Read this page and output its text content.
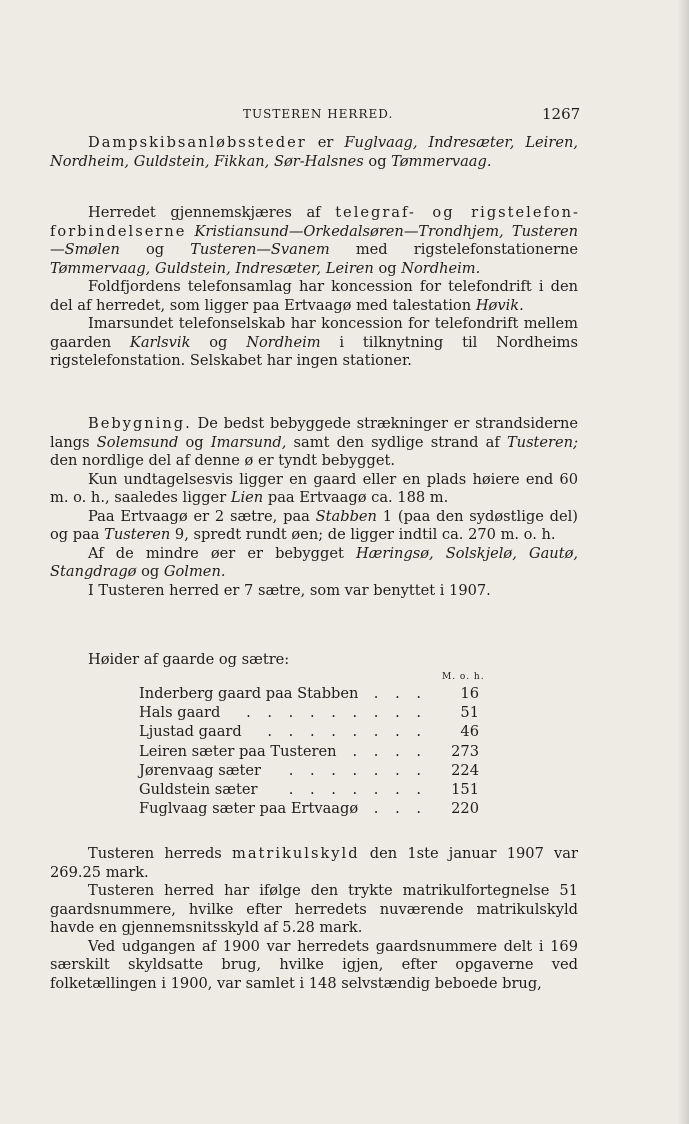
TUSTEREN HERRED.	1267

Dampskibsanløbssteder er Fuglvaag, Indresæter, Leiren, Nordheim, Guldstein, Fikkan, Sør-Halsnes og Tømmervaag.

Herredet gjennemskjæres af telegraf- og rigstelefonforbindelserne Kristiansund—Orkedalsøren—Trondhjem, Tusteren—Smølen og Tusteren—Svanem med rigstelefonstationerne Tømmervaag, Guldstein, Indresæter, Leiren og Nordheim.

Foldfjordens telefonsamlag har koncession for telefondrift i den del af herredet, som ligger paa Ertvaagø med talestation Høvik.

Imarsundet telefonselskab har koncession for telefondrift mellem gaarden Karlsvik og Nordheim i tilknytning til Nordheims rigstelefonstation. Selskabet har ingen stationer.

Bebygning. De bedst bebyggede strækninger er strandsiderne langs Solemsund og Imarsund, samt den sydlige strand af Tusteren; den nordlige del af denne ø er tyndt bebygget.

Kun undtagelsesvis ligger en gaard eller en plads høiere end 60 m. o. h., saaledes ligger Lien paa Ertvaagø ca. 188 m.

Paa Ertvaagø er 2 sætre, paa Stabben 1 (paa den sydøstlige del) og paa Tusteren 9, spredt rundt øen; de ligger indtil ca. 270 m. o. h.

Af de mindre øer er bebygget Hæringsø, Solskjelø, Gautø, Stangdragø og Golmen.

I Tusteren herred er 7 sætre, som var benyttet i 1907.

Høider af gaarde og sætre:
M. o. h.
Inderberg gaard paa Stabben . . . 16
Hals gaard . . . . . . . . . 51
Ljustad gaard . . . . . . . . 46
Leiren sæter paa Tusteren . . . . 273
Jørenvaag sæter . . . . . . . 224
Guldstein sæter . . . . . . . 151
Fuglvaag sæter paa Ertvaagø . . . 220

Tusteren herreds matrikulskyld den 1ste januar 1907 var 269.25 mark.

Tusteren herred har ifølge den trykte matrikulfortegnelse 51 gaardsnummere, hvilke efter herredets nuværende matrikulskyld havde en gjennemsnitsskyld af 5.28 mark.

Ved udgangen af 1900 var herredets gaardsnummere delt i 169 særskilt skyldsatte brug, hvilke igjen, efter opgaverne ved folketællingen i 1900, var samlet i 148 selvstændig beboede brug,
